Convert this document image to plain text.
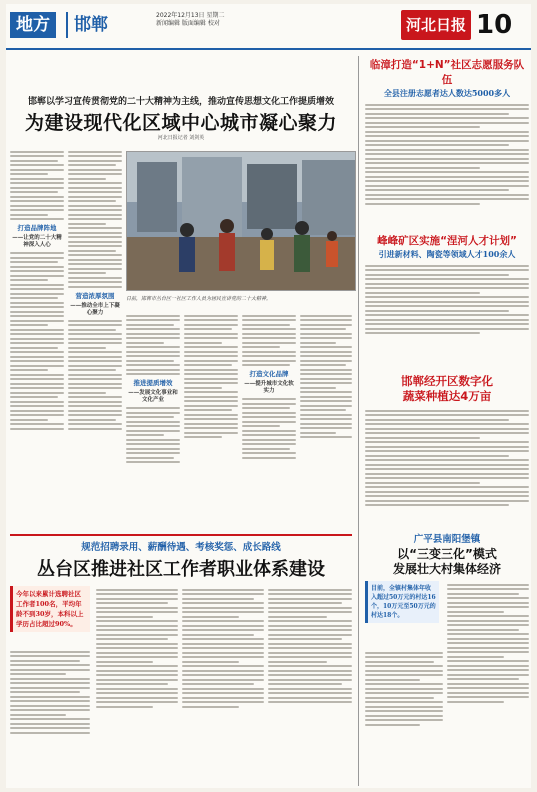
地方	邯郸	2022年12月13日 星期二
新闻编辑 版面编辑 校对	河北日报 10
邯郸以学习宣传贯彻党的二十大精神为主线，推动宣传思想文化工作提质增效
为建设现代化区域中心城市凝心聚力
河北日报记者 刘剑英
打造品牌阵地
——让党的二十大精神深入人心
营造浓厚氛围
——推动全市上下凝心聚力
日前，邯郸市丛台区一社区工作人员为居民宣讲党的二十大精神。
推进提质增效
——发展文化事业和文化产业
打造文化品牌
——提升城市文化软实力
规范招聘录用、薪酬待遇、考核奖惩、成长路线
丛台区推进社区工作者职业体系建设
今年以来累计选聘社区工作者100名，平均年龄不到30岁，本科以上学历占比超过90%。
临漳打造“1+N”社区志愿服务队伍
全县注册志愿者达人数达5000多人
峰峰矿区实施“涅河人才计划”
引进新材料、陶瓷等领域人才100余人
邯郸经开区数字化
蔬菜种植达4万亩
广平县南阳堡镇
以“三变三化”模式
发展壮大村集体经济
目前，全镇村集体年收入超过50万元的村达16个，10万元至50万元的村达18个。
